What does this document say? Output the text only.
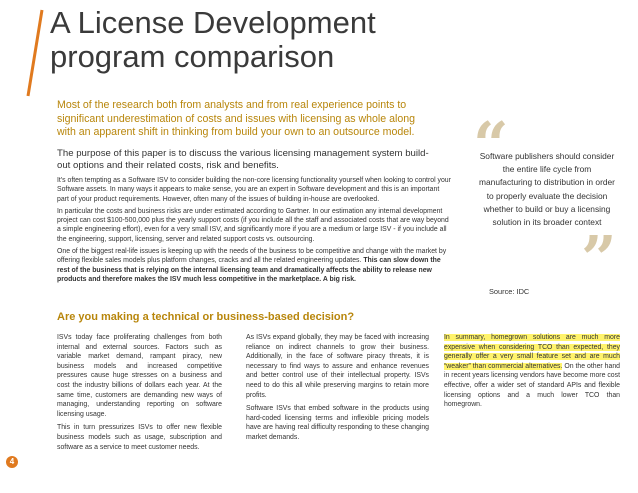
A License Development
program comparison

Most of the research both from analysts and from real experience points to significant underestimation of costs and issues with licensing as whole along with an apparent shift in thinking from build your own to an outsource model.

The purpose of this paper is to discuss the various licensing management system build-out options and their related costs, risk and benefits.

It's often tempting as a Software ISV to consider building the non-core licensing functionality yourself when looking to control your Software assets. In many ways it appears to make sense, you are an expert in Software development and this is an important part of your product requirements. However, often many of the issues of building in-house are overlooked.

In particular the costs and business risks are under estimated according to Gartner. In our estimation any internal development project can cost $100-500,000 plus the yearly support costs (if you include all the staff and associated costs that are way beyond a simple engineering effort), even for a very small ISV, and significantly more if you are a medium or large ISV - if you include all the engineering, support, licensing, server and related support costs vs. outsourcing.

One of the biggest real-life issues is keeping up with the needs of the business to be competitive and change with the market by offering flexible sales models plus platform changes, cracks and all the related engineering updates. This can slow down the rest of the business that is relying on the internal licensing team and dramatically affects the ability to release new products and therefore makes the ISV much less competitive in the marketplace. A big risk.

“
Software publishers should consider the entire life cycle from manufacturing to distribution in order to properly evaluate the decision whether to build or buy a licensing solution in its broader context
”
Source: IDC
Are you making a technical or business-based decision?

ISVs today face proliferating challenges from both internal and external sources. Factors such as variable market demand, rampant piracy, new business models and increased competitive pressures cause huge stresses on a business and cost the industry billions of dollars each year. At the same time, customers are demanding new ways of managing, understanding reporting on software licensing usage.

This in turn pressurizes ISVs to offer new flexible business models such as usage, subscription and software as a service to meet customer needs.

As ISVs expand globally, they may be faced with increasing reliance on indirect channels to grow their business. Additionally, in the face of software piracy threats, it is necessary to find ways to assure and enhance revenues and better control use of their intellectual property. ISVs need to do this all while preserving margins to retain more profits.

Software ISVs that embed software in the products using hard-coded licensing terms and inflexible pricing models have are having real difficulty responding to these changing market demands.

In summary, homegrown solutions are much more expensive when considering TCO than expected, they generally offer a very small feature set and are much “weaker” than commercial alternatives. On the other hand in recent years licensing vendors have become more cost effective, offer a wider set of standard APIs and flexible licensing options and a much lower TCO than homegrown.

4
